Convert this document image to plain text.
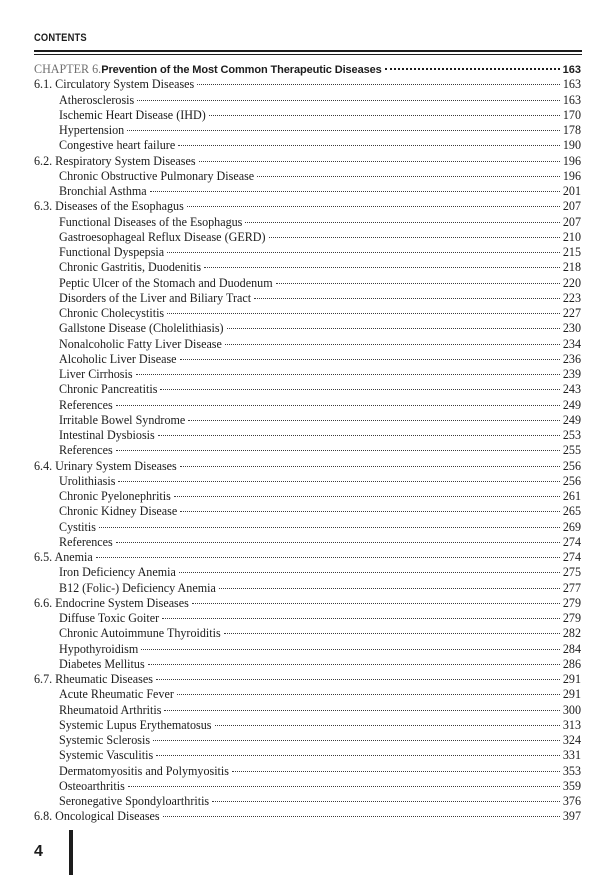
CONTENTS
CHAPTER 6. Prevention of the Most Common Therapeutic Diseases	163
6.1. Circulatory System Diseases	163
Atherosclerosis	163
Ischemic Heart Disease (IHD)	170
Hypertension	178
Congestive heart failure	190
6.2. Respiratory System Diseases	196
Chronic Obstructive Pulmonary Disease	196
Bronchial Asthma	201
6.3. Diseases of the Esophagus	207
Functional Diseases of the Esophagus	207
Gastroesophageal Reflux Disease (GERD)	210
Functional Dyspepsia	215
Chronic Gastritis, Duodenitis	218
Peptic Ulcer of the Stomach and Duodenum	220
Disorders of the Liver and Biliary Tract	223
Chronic Cholecystitis	227
Gallstone Disease (Cholelithiasis)	230
Nonalcoholic Fatty Liver Disease	234
Alcoholic Liver Disease	236
Liver Cirrhosis	239
Chronic Pancreatitis	243
References	249
Irritable Bowel Syndrome	249
Intestinal Dysbiosis	253
References	255
6.4. Urinary System Diseases	256
Urolithiasis	256
Chronic Pyelonephritis	261
Chronic Kidney Disease	265
Cystitis	269
References	274
6.5. Anemia	274
Iron Deficiency Anemia	275
B12 (Folic-) Deficiency Anemia	277
6.6. Endocrine System Diseases	279
Diffuse Toxic Goiter	279
Chronic Autoimmune Thyroiditis	282
Hypothyroidism	284
Diabetes Mellitus	286
6.7. Rheumatic Diseases	291
Acute Rheumatic Fever	291
Rheumatoid Arthritis	300
Systemic Lupus Erythematosus	313
Systemic Sclerosis	324
Systemic Vasculitis	331
Dermatomyositis and Polymyositis	353
Osteoarthritis	359
Seronegative Spondyloarthritis	376
6.8. Oncological Diseases	397
4
